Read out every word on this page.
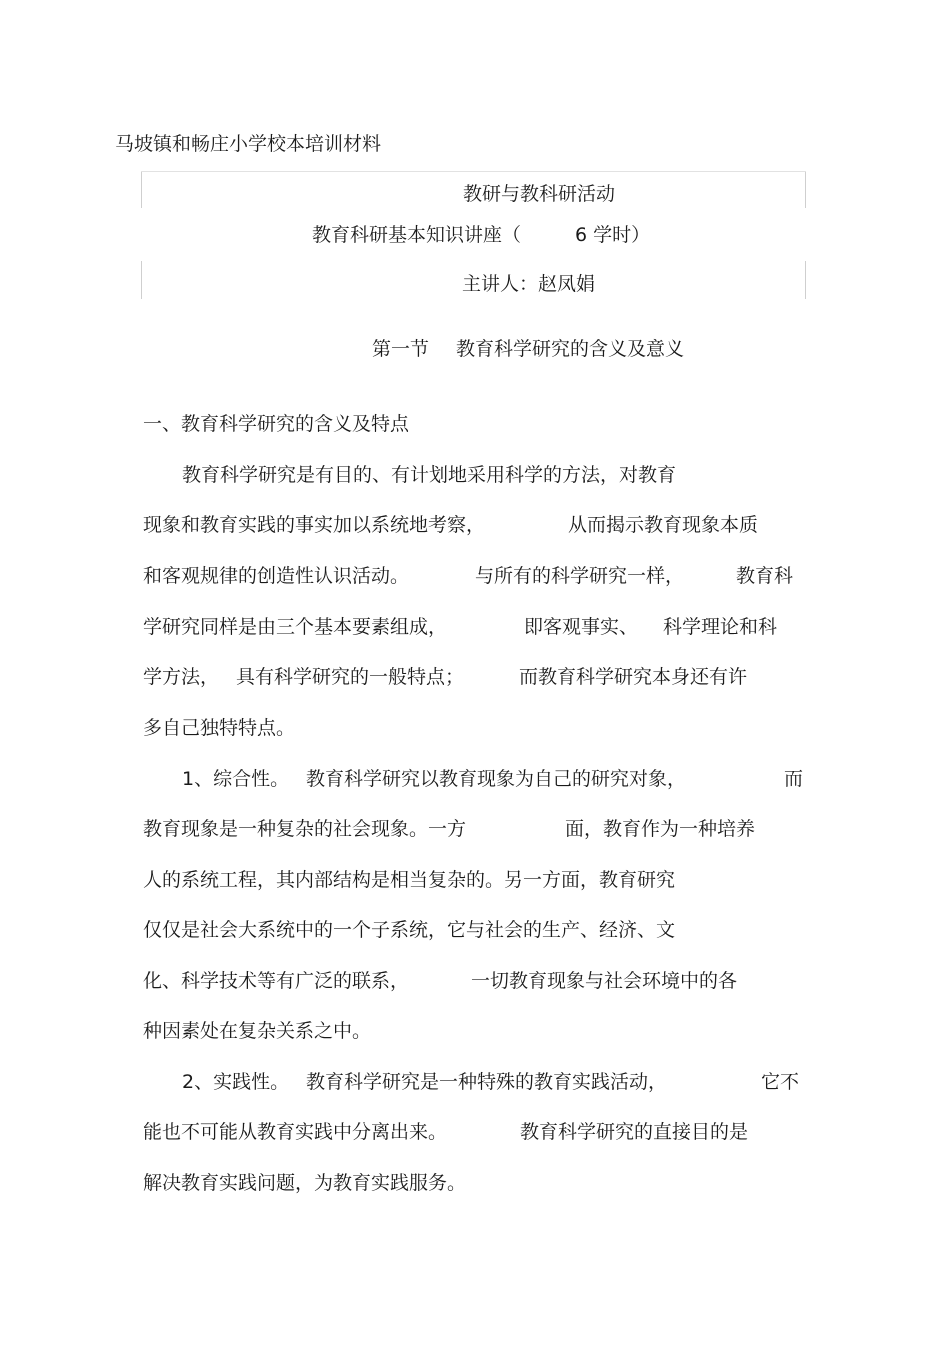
马坡镇和畅庄小学校本培训材料
教研与教科研活动
教育科研基本知识讲座（	6 学时）
主讲人：赵凤娟
第一节 教育科学研究的含义及意义
一、教育科学研究的含义及特点
教育科学研究是有目的、有计划地采用科学的方法，对教育
现象和教育实践的事实加以系统地考察，	从而揭示教育现象本质
和客观规律的创造性认识活动。	与所有的科学研究一样，	教育科
学研究同样是由三个基本要素组成，	即客观事实、 科学理论和科
学方法， 具有科学研究的一般特点；	而教育科学研究本身还有许
多自己独特特点。
1、综合性。 教育科学研究以教育现象为自己的研究对象，	而
教育现象是一种复杂的社会现象。一方	面，教育作为一种培养
人的系统工程，其内部结构是相当复杂的。另一方面，教育研究
仅仅是社会大系统中的一个子系统，它与社会的生产、经济、文
化、科学技术等有广泛的联系，	一切教育现象与社会环境中的各
种因素处在复杂关系之中。
2、实践性。 教育科学研究是一种特殊的教育实践活动，	它不
能也不可能从教育实践中分离出来。	教育科学研究的直接目的是
解决教育实践问题，为教育实践服务。
